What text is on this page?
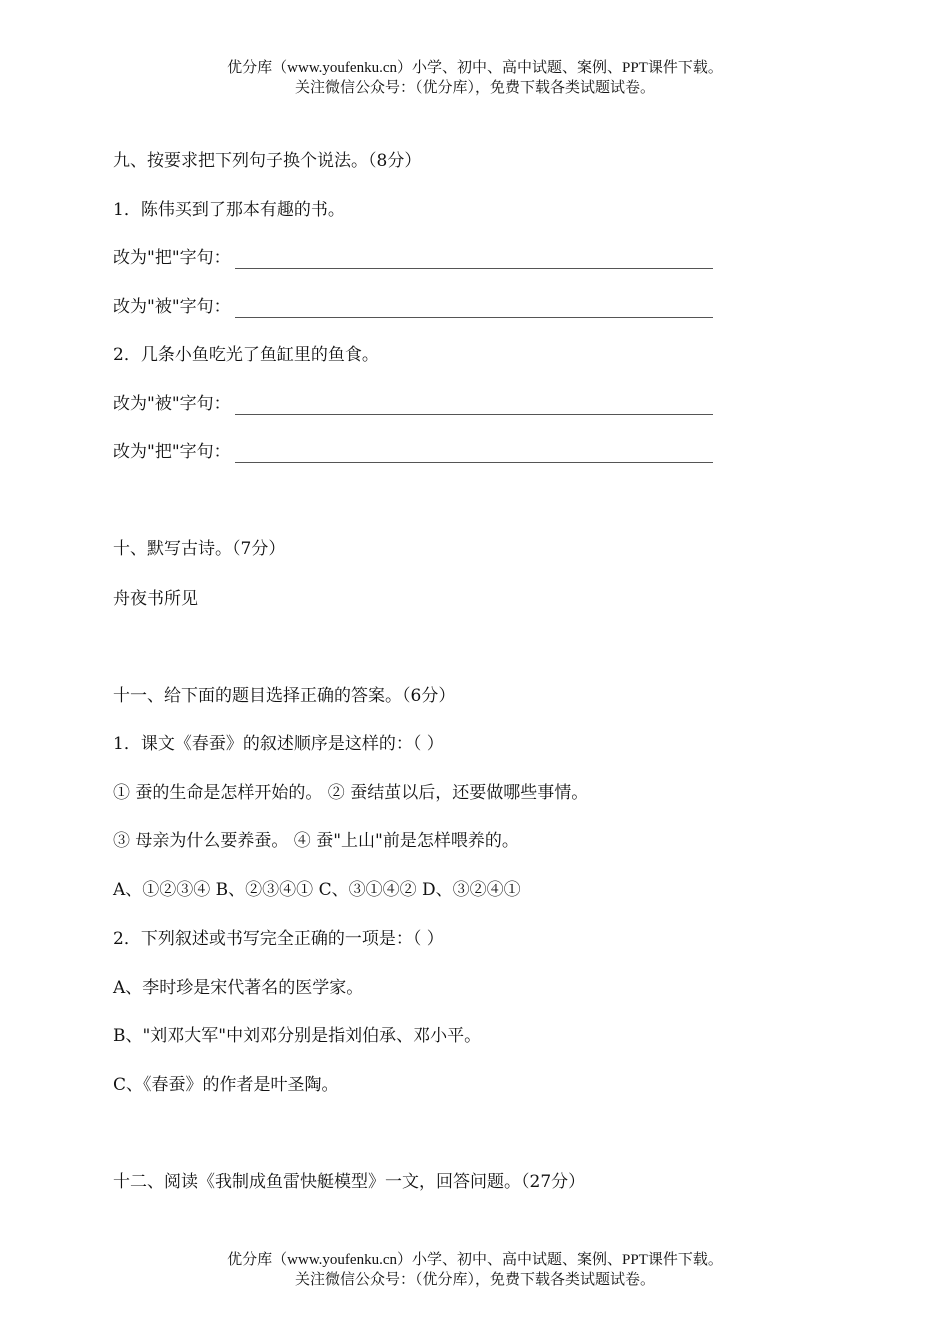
优分库（www.youfenku.cn）小学、初中、高中试题、案例、PPT课件下载。
关注微信公众号：（优分库），免费下载各类试题试卷。
九、按要求把下列句子换个说法。（8分）
1．陈伟买到了那本有趣的书。
改为"把"字句：
改为"被"字句：
2．几条小鱼吃光了鱼缸里的鱼食。
改为"被"字句：
改为"把"字句：
十、默写古诗。（7分）
舟夜书所见
十一、给下面的题目选择正确的答案。（6分）
1．课文《春蚕》的叙述顺序是这样的：（ ）
① 蚕的生命是怎样开始的。 ② 蚕结茧以后，还要做哪些事情。
③ 母亲为什么要养蚕。 ④ 蚕"上山"前是怎样喂养的。
A、①②③④ B、②③④① C、③①④② D、③②④①
2．下列叙述或书写完全正确的一项是：（ ）
A、李时珍是宋代著名的医学家。
B、"刘邓大军"中刘邓分别是指刘伯承、邓小平。
C、《春蚕》的作者是叶圣陶。
十二、阅读《我制成鱼雷快艇模型》一文，回答问题。（27分）
优分库（www.youfenku.cn）小学、初中、高中试题、案例、PPT课件下载。
关注微信公众号：（优分库），免费下载各类试题试卷。
